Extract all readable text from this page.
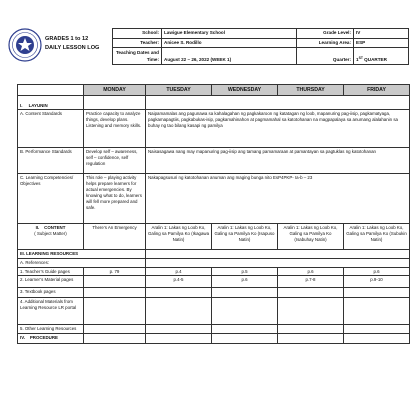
GRADES 1 to 12
DAILY LESSON LOG
School:	Lawigue Elementary School	Grade Level:	IV
Teacher:	Anicee S. Rodillo	Learning Area:	ESP

Teaching Dates and
Time:	August 22 – 26, 2022 (WEEK 1)	Quarter:	1ST QUARTER
	MONDAY	TUESDAY	WEDNESDAY	THURSDAY	FRIDAY
I. LAYUNIN					
A. Content Standards	Practice capacity to analyze things, develop plans. Listening and memory skills.	Naipamamalas ang pagunawa sa kahalagahan ng pagkakaroon ng katatagan ng loob, mapanuring pag-iisip, pagkamatyaga, pagkamapagtiis, pagkabukas-isip, pagkamahinahon at pagmamahal sa katotohanan na magpapalaya sa anumang alalahanin sa buhay ng tao bilang kasapi ng pamilya			
B. Performance Standards	Develop self – awareness, self – confidence, self regulation	Naisasagawa nang may mapanuring pag-iisip ang tamang pamamaraan at pamantayan sa pagtuklas ng katotohanan			
C. Learning Competencies/ Objectives	This role – playing activity helps prepare learners for actual emergencies. By knowing what to do, learners will fell more prepared and safe.	Nakapagsusuri ng katotohanan anuman ang maging bunga nito EsP4PKP- Ia-b – 23			

II. CONTENT
( Subject Matter)	There’s An Emergency	Aralin 1: Lakas ng Loob Ko, Galing sa Pamilya Ko (Ikagawa Natin)	Aralin 1: Lakas ng Loob Ko, Galing sa Pamilya Ko (Isapuso Natin)	Aralin 1: Lakas ng Loob Ko, Galing sa Pamilya Ko (Isabuhay Natin)	Aralin 1: Lakas ng Loob Ko, Galing sa Pamilya Ko (Subukin Natin)
III. LEARNING RESOURCES					
A. References:					
1. Teacher’s Guide pages	p. 79	p.4	p.5	p.6	p.6
2. Learner’s Material pages		p.4-5	p.6	p.7-8	p.9-10
3. Textbook pages					
4. Additional Materials from Learning Resource LR portal					
5. Other Learning Resources					
IV. PROCEDURE					
